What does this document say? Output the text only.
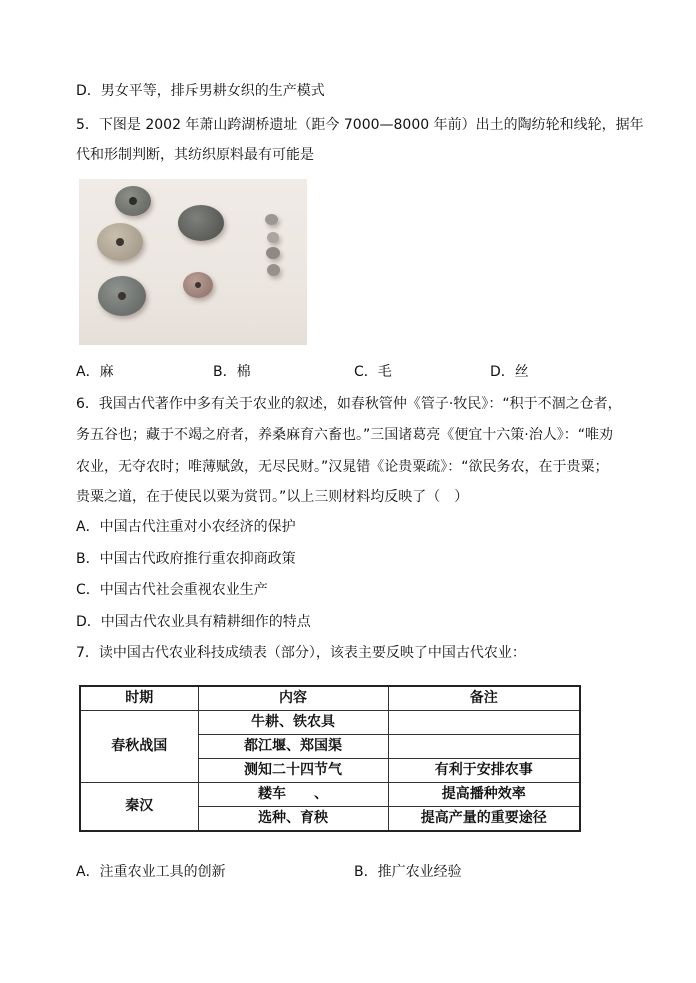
D．男女平等，排斥男耕女织的生产模式
5．下图是 2002 年萧山跨湖桥遗址（距今 7000—8000 年前）出土的陶纺轮和线轮，据年
代和形制判断，其纺织原料最有可能是
A．麻	B．棉	C．毛	D．丝
6．我国古代著作中多有关于农业的叙述，如春秋管仲《管子·牧民》：“积于不涸之仓者，
务五谷也；藏于不竭之府者，养桑麻育六畜也。”三国诸葛亮《便宜十六策·治人》：“唯劝
农业，无夺农时；唯薄赋敛，无尽民财。”汉晁错《论贵粟疏》：“欲民务农，在于贵粟；
贵粟之道，在于使民以粟为赏罚。”以上三则材料均反映了（　）
A．中国古代注重对小农经济的保护
B．中国古代政府推行重农抑商政策
C．中国古代社会重视农业生产
D．中国古代农业具有精耕细作的特点
7．读中国古代农业科技成绩表（部分），该表主要反映了中国古代农业：
时期	内容	备注
春秋战国	牛耕、铁农具	
	都江堰、郑国渠	
	测知二十四节气	有利于安排农事
秦汉	耧车　　、	提高播种效率
	选种、育秧	提高产量的重要途径
A．注重农业工具的创新	B．推广农业经验
